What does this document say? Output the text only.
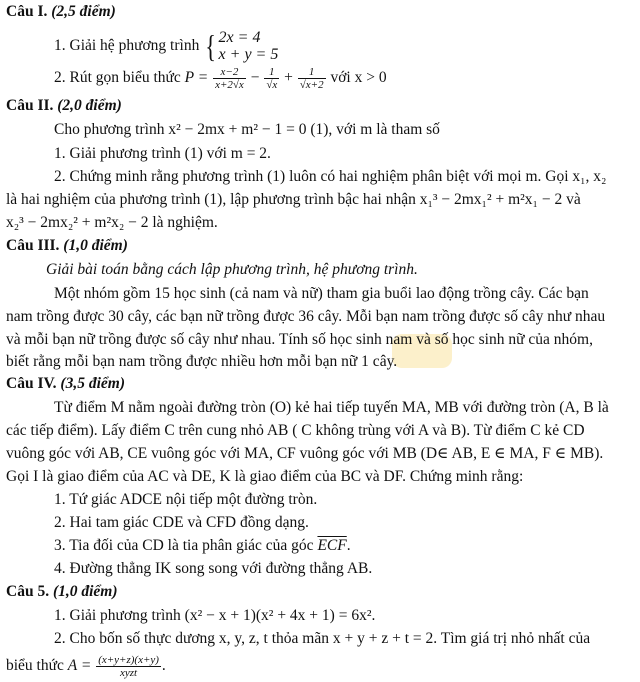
Câu I. (2,5 điểm)
1. Giải hệ phương trình { 2x = 4
x + y = 5
2. Rút gọn biểu thức $P = \frac{x-2}{x+2√x} - \frac{1}{√x} + \frac{1}{√x+2}$ với x > 0
Câu II. (2,0 điểm)
Cho phương trình x² − 2mx + m² − 1 = 0 (1), với m là tham số
1. Giải phương trình (1) với m = 2.
2. Chứng minh rằng phương trình (1) luôn có hai nghiệm phân biệt với mọi m. Gọi x₁, x₂
là hai nghiệm của phương trình (1), lập phương trình bậc hai nhận x₁³ − 2mx₁² + m²x₁ − 2 và
x₂³ − 2mx₂² + m²x₂ − 2 là nghiệm.
Câu III. (1,0 điểm)
Giải bài toán bằng cách lập phương trình, hệ phương trình.
Một nhóm gồm 15 học sinh (cả nam và nữ) tham gia buổi lao động trồng cây. Các bạn
nam trồng được 30 cây, các bạn nữ trồng được 36 cây. Mỗi bạn nam trồng được số cây như nhau
và mỗi bạn nữ trồng được số cây như nhau. Tính số học sinh nam và số học sinh nữ của nhóm,
biết rằng mỗi bạn nam trồng được nhiều hơn mỗi bạn nữ 1 cây.
Câu IV. (3,5 điểm)
Từ điểm M nằm ngoài đường tròn (O) kẻ hai tiếp tuyến MA, MB với đường tròn (A, B là
các tiếp điểm). Lấy điểm C trên cung nhỏ AB ( C không trùng với A và B). Từ điểm C kẻ CD
vuông góc với AB, CE vuông góc với MA, CF vuông góc với MB (D∈ AB, E ∈ MA, F ∈ MB).
Gọi I là giao điểm của AC và DE, K là giao điểm của BC và DF. Chứng minh rằng:
1. Tứ giác ADCE nội tiếp một đường tròn.
2. Hai tam giác CDE và CFD đồng dạng.
3. Tia đối của CD là tia phân giác của góc $\overline{ECF}$.
4. Đường thẳng IK song song với đường thẳng AB.
Câu 5. (1,0 điểm)
1. Giải phương trình (x² − x + 1)(x² + 4x + 1) = 6x².
2. Cho bốn số thực dương x, y, z, t thỏa mãn x + y + z + t = 2. Tìm giá trị nhỏ nhất của
biểu thức $A = \frac{(x+y+z)(x+y)}{\text{xyzt}}$ .
